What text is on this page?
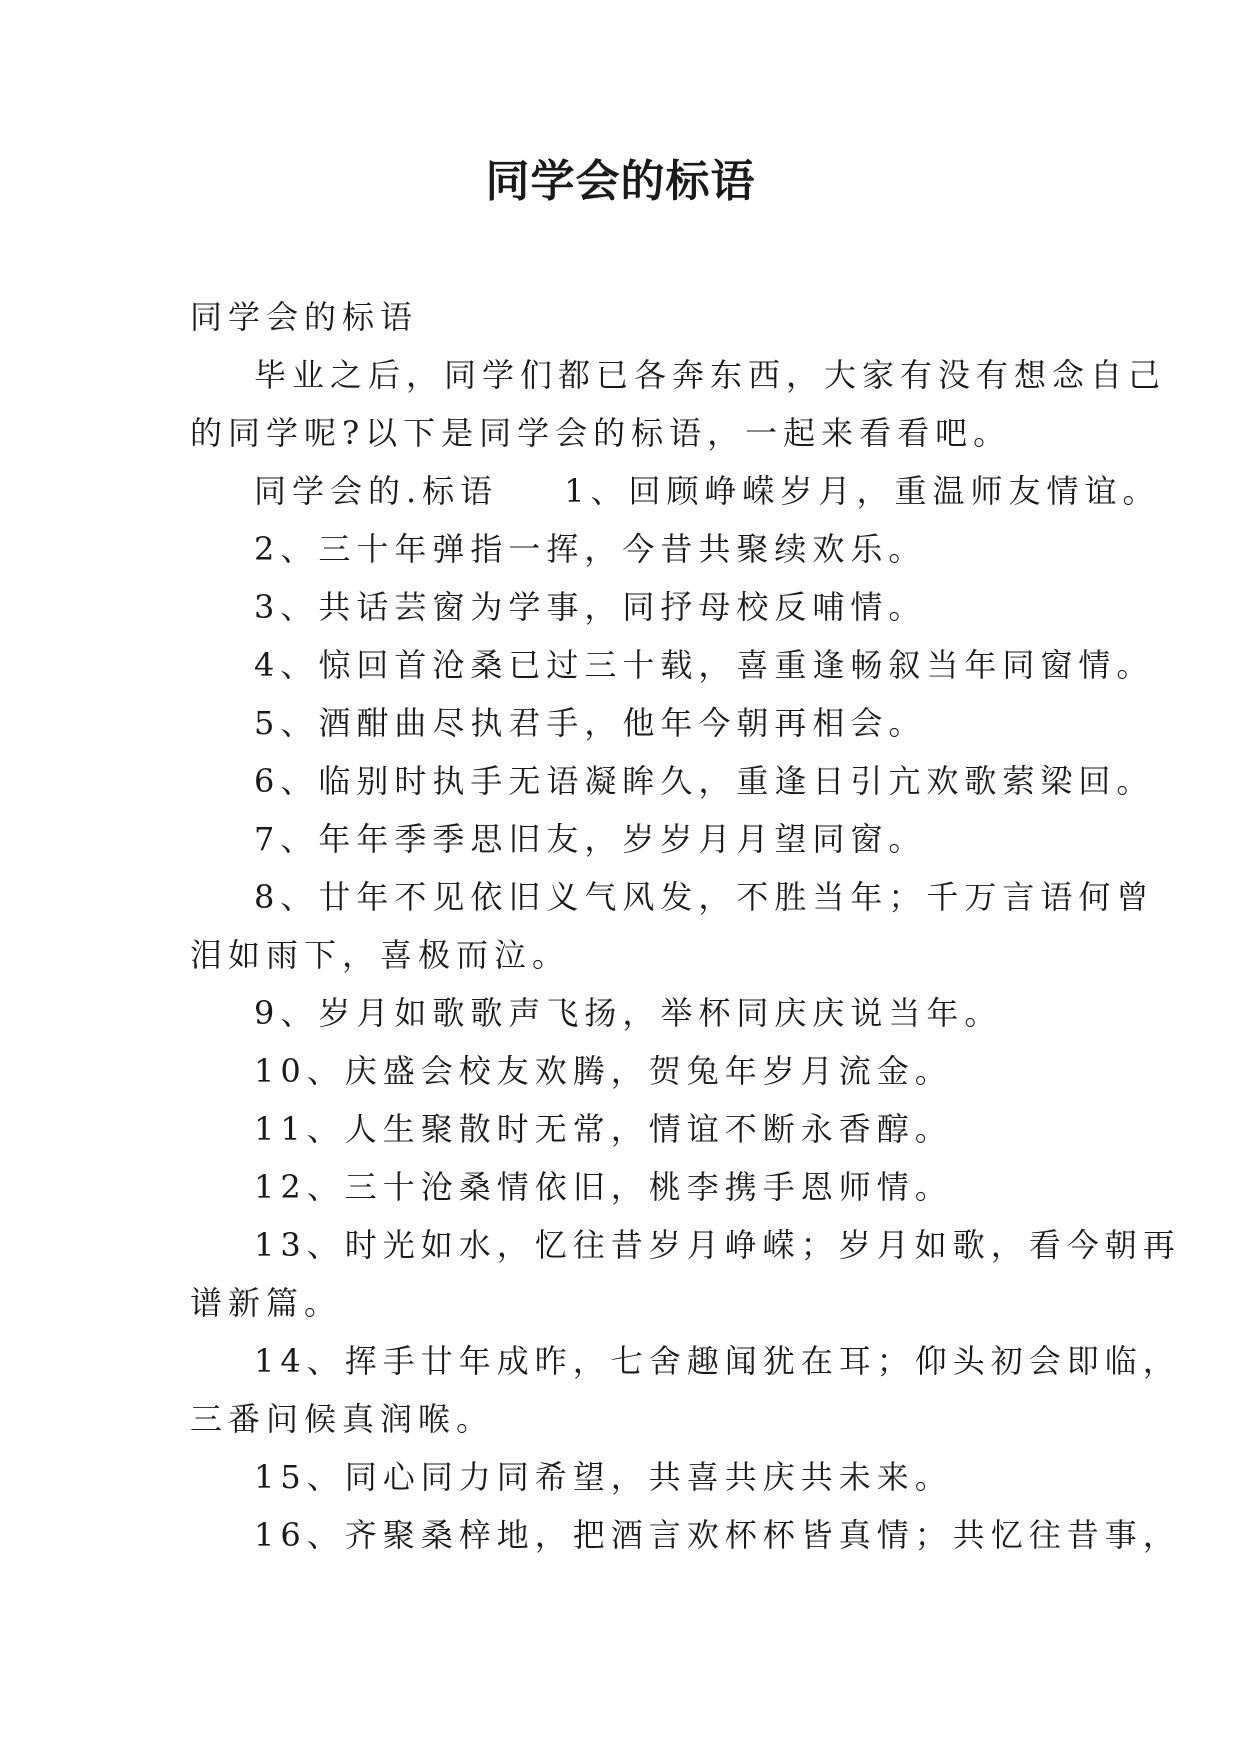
同学会的标语
同学会的标语
毕业之后，同学们都已各奔东西，大家有没有想念自己
的同学呢?以下是同学会的标语，一起来看看吧。
同学会的.标语 1、回顾峥嵘岁月，重温师友情谊。
2、三十年弹指一挥，今昔共聚续欢乐。
3、共话芸窗为学事，同抒母校反哺情。
4、惊回首沧桑已过三十载，喜重逢畅叙当年同窗情。
5、酒酣曲尽执君手，他年今朝再相会。
6、临别时执手无语凝眸久，重逢日引亢欢歌萦梁回。
7、年年季季思旧友，岁岁月月望同窗。
8、廿年不见依旧义气风发，不胜当年；千万言语何曾
泪如雨下，喜极而泣。
9、岁月如歌歌声飞扬，举杯同庆庆说当年。
10、庆盛会校友欢腾，贺兔年岁月流金。
11、人生聚散时无常，情谊不断永香醇。
12、三十沧桑情依旧，桃李携手恩师情。
13、时光如水，忆往昔岁月峥嵘；岁月如歌，看今朝再
谱新篇。
14、挥手廿年成昨，七舍趣闻犹在耳；仰头初会即临，
三番问候真润喉。
15、同心同力同希望，共喜共庆共未来。
16、齐聚桑梓地，把酒言欢杯杯皆真情；共忆往昔事，
